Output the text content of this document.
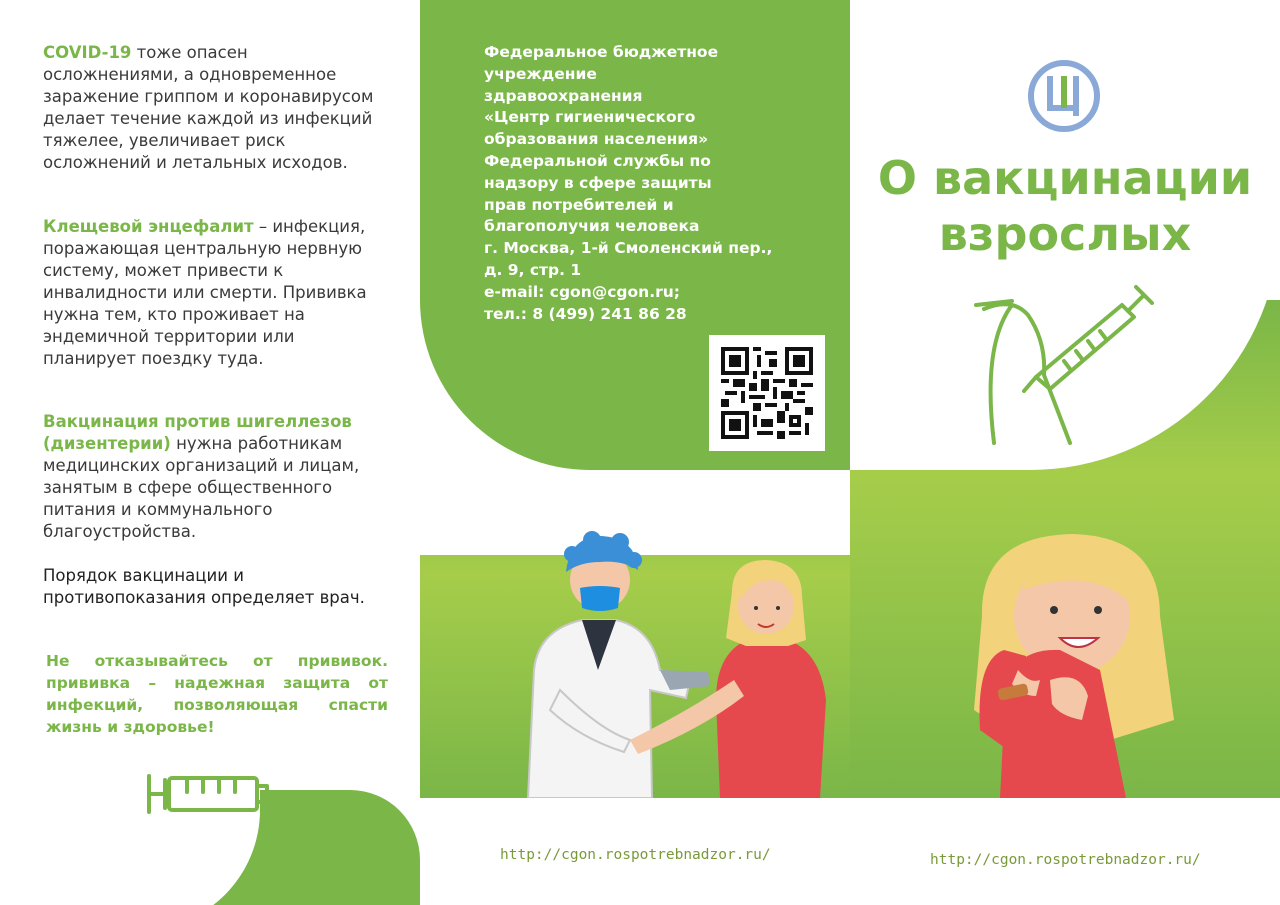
COVID-19 тоже опасен осложнениями, а одновременное заражение гриппом и коронавирусом делает течение каждой из инфекций тяжелее, увеличивает риск осложнений и летальных исходов.

Клещевой энцефалит – инфекция, поражающая центральную нервную систему, может привести к инвалидности или смерти. Прививка нужна тем, кто проживает на эндемичной территории или планирует поездку туда.

Вакцинация против шигеллезов (дизентерии) нужна работникам медицинских организаций и лицам, занятым в сфере общественного питания и коммунального благоустройства.

Порядок вакцинации и противопоказания определяет врач.

Не отказывайтесь от прививок. прививка – надежная защита от инфекций, позволяющая спасти жизнь и здоровье!

Федеральное бюджетное
учреждение
здравоохранения
«Центр гигиенического
образования населения»
Федеральной службы по
надзору в сфере защиты
прав потребителей и
благополучия человека
г. Москва, 1-й Смоленский пер.,
д. 9, стр. 1
e-mail: cgon@cgon.ru;
тел.: 8 (499) 241 86 28

http://cgon.rospotrebnadzor.ru/

О вакцинации
взрослых

http://cgon.rospotrebnadzor.ru/
